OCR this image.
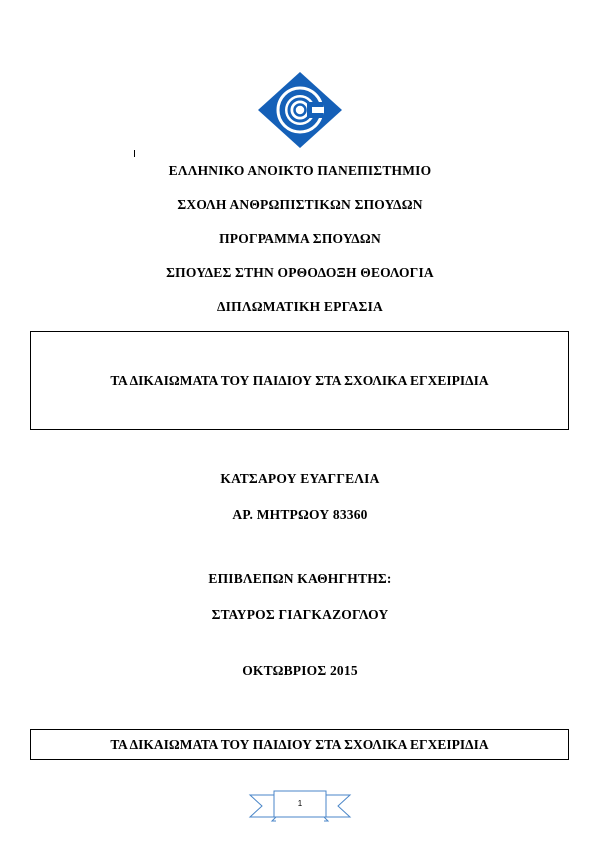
ΕΛΛΗΝΙΚΟ ΑΝΟΙΚΤΟ ΠΑΝΕΠΙΣΤΗΜΙΟ
ΣΧΟΛΗ ΑΝΘΡΩΠΙΣΤΙΚΩΝ ΣΠΟΥΔΩΝ
ΠΡΟΓΡΑΜΜΑ ΣΠΟΥΔΩΝ
ΣΠΟΥΔΕΣ ΣΤΗΝ ΟΡΘΟΔΟΞΗ ΘΕΟΛΟΓΙΑ
ΔΙΠΛΩΜΑΤΙΚΗ ΕΡΓΑΣΙΑ
ΤΑ ΔΙΚΑΙΩΜΑΤΑ ΤΟΥ ΠΑΙΔΙΟΥ ΣΤΑ ΣΧΟΛΙΚΑ ΕΓΧΕΙΡΙΔΙΑ
ΚΑΤΣΑΡΟΥ ΕΥΑΓΓΕΛΙΑ
ΑΡ. ΜΗΤΡΩΟΥ 83360
ΕΠΙΒΛΕΠΩΝ ΚΑΘΗΓΗΤΗΣ:
ΣΤΑΥΡΟΣ ΓΙΑΓΚΑΖΟΓΛΟΥ
ΟΚΤΩΒΡΙΟΣ 2015
ΤΑ ΔΙΚΑΙΩΜΑΤΑ ΤΟΥ ΠΑΙΔΙΟΥ ΣΤΑ ΣΧΟΛΙΚΑ ΕΓΧΕΙΡΙΔΙΑ
1
